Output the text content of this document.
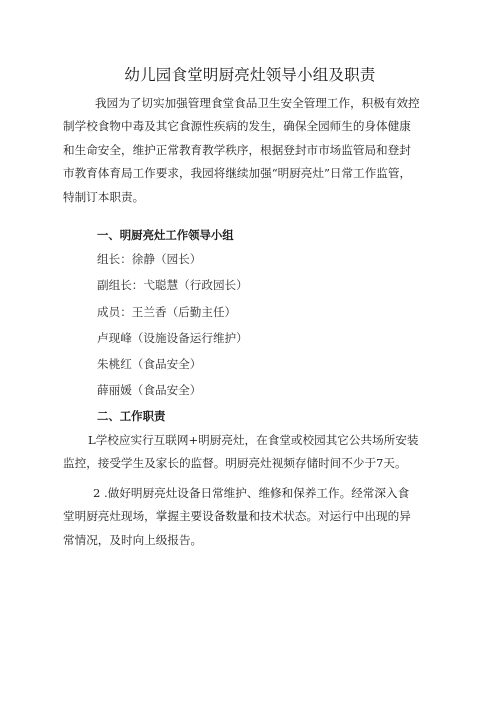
幼儿园食堂明厨亮灶领导小组及职责
我园为了切实加强管理食堂食品卫生安全管理工作，积极有效控
制学校食物中毒及其它食源性疾病的发生，确保全园师生的身体健康
和生命安全，维护正常教育教学秩序，根据登封市市场监管局和登封
市教育体育局工作要求，我园将继续加强“明厨亮灶”日常工作监管，
特制订本职责。
一、明厨亮灶工作领导小组
组长：徐静（园长）
副组长：弋聪慧（行政园长）
成员：王兰香（后勤主任）
卢现峰（设施设备运行维护）
朱桃红（食品安全）
薛丽媛（食品安全）
二、工作职责
L学校应实行互联网+明厨亮灶，在食堂或校园其它公共场所安装
监控，接受学生及家长的监督。明厨亮灶视频存储时间不少于7天。
2 .做好明厨亮灶设备日常维护、维修和保养工作。经常深入食
堂明厨亮灶现场，掌握主要设备数量和技术状态。对运行中出现的异
常情况，及时向上级报告。
